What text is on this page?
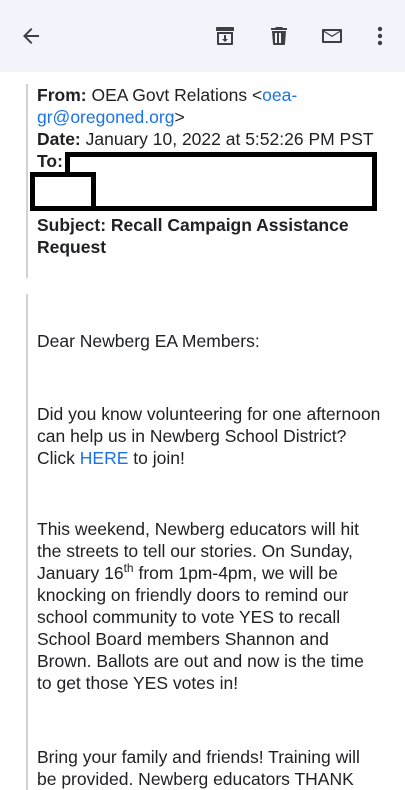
From: OEA Govt Relations <oea-
gr@oregoned.org>
Date: January 10, 2022 at 5:52:26 PM PST
To:
Subject: Recall Campaign Assistance Request
Dear Newberg EA Members:
Did you know volunteering for one afternoon can help us in Newberg School District? Click HERE to join!
This weekend, Newberg educators will hit the streets to tell our stories. On Sunday, January 16th from 1pm-4pm, we will be knocking on friendly doors to remind our school community to vote YES to recall School Board members Shannon and Brown. Ballots are out and now is the time to get those YES votes in!
Bring your family and friends! Training will be provided. Newberg educators THANK
